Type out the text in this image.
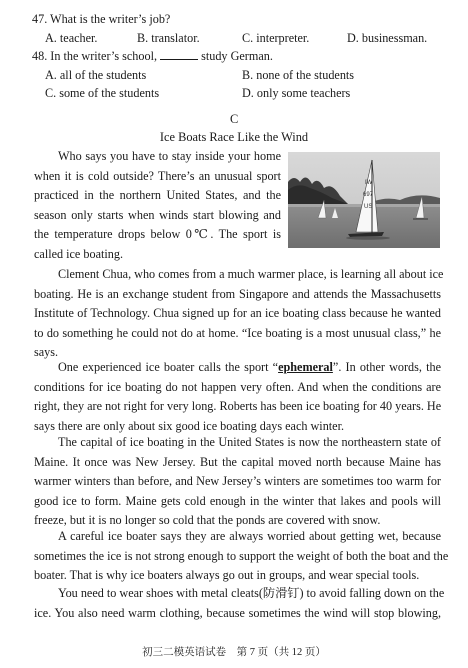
47. What is the writer’s job?
A. teacher.	B. translator.	C. interpreter.	D. businessman.
48. In the writer’s school,	study German.
A. all of the students	B. none of the students
C. some of the students	D. only some teachers
C
Ice Boats Race Like the Wind
Who says you have to stay inside your home
when it is cold outside? There’s an unusual sport
practiced in the northern United States, and the
season only starts when winds start blowing and
the temperature drops below 0℃. The sport is
called ice boating.
IW
697
US
Clement Chua, who comes from a much warmer place, is learning all about ice
boating. He is an exchange student from Singapore and attends the Massachusetts
Institute of Technology. Chua signed up for an ice boating class because he wanted
to do something he could not do at home. “Ice boating is a most unusual class,” he
says.
One experienced ice boater calls the sport “ephemeral”. In other words, the
conditions for ice boating do not happen very often. And when the conditions are
right, they are not right for very long. Roberts has been ice boating for 40 years. He
says there are only about six good ice boating days each winter.
The capital of ice boating in the United States is now the northeastern state of
Maine. It once was New Jersey. But the capital moved north because Maine has
warmer winters than before, and New Jersey’s winters are sometimes too warm for
good ice to form. Maine gets cold enough in the winter that lakes and pools will
freeze, but it is no longer so cold that the ponds are covered with snow.
A careful ice boater says they are always worried about getting wet, because
sometimes the ice is not strong enough to support the weight of both the boat and the
boater. That is why ice boaters always go out in groups, and wear special tools.
You need to wear shoes with metal cleats(防滑钉) to avoid falling down on the
ice. You also need warm clothing, because sometimes the wind will stop blowing,
初三二模英语试卷    第 7 页（共 12 页）
